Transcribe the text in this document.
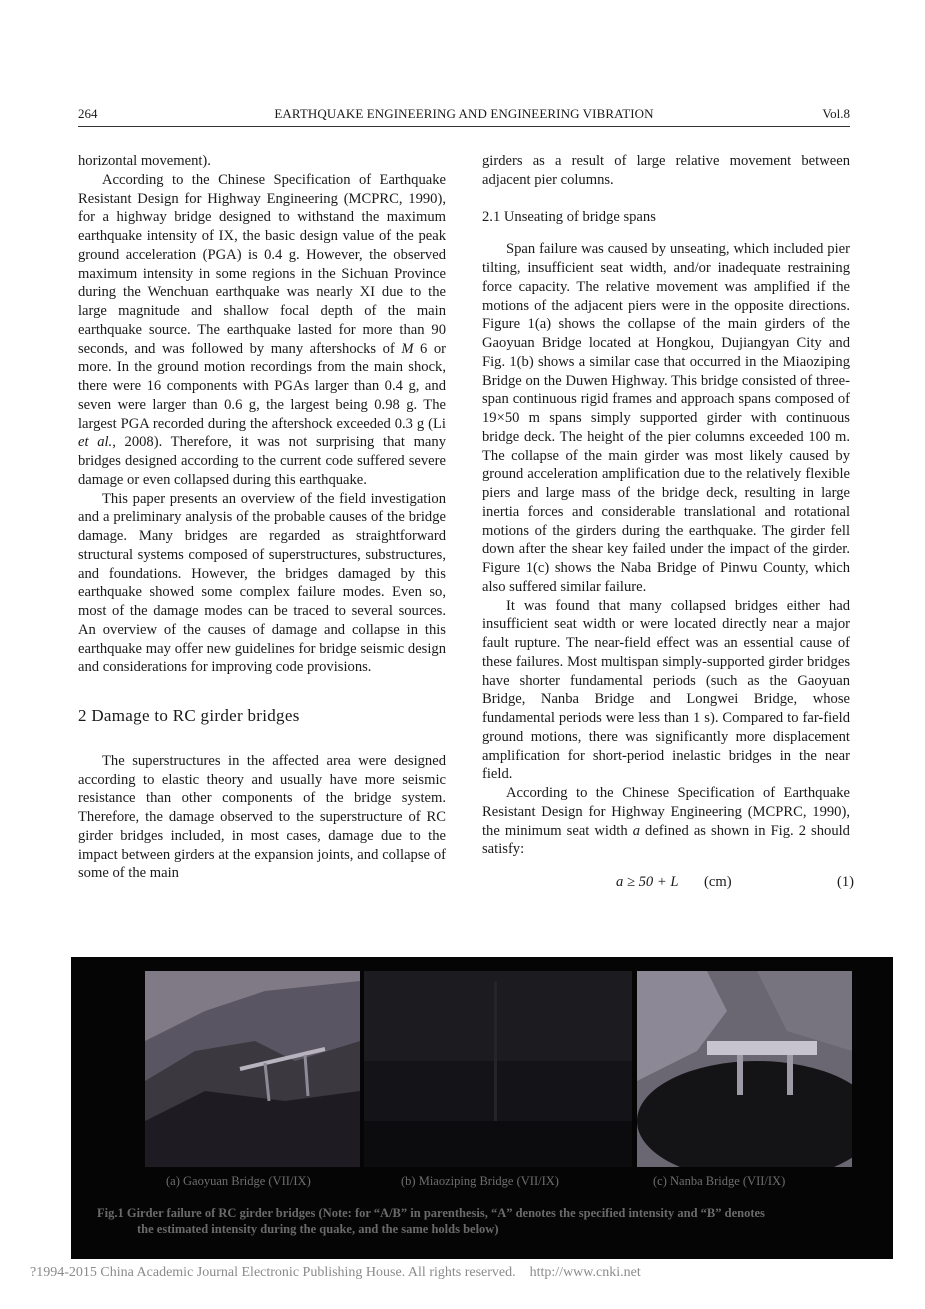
264	EARTHQUAKE ENGINEERING AND ENGINEERING VIBRATION	Vol.8

horizontal movement).

According to the Chinese Specification of Earthquake Resistant Design for Highway Engineering (MCPRC, 1990), for a highway bridge designed to withstand the maximum earthquake intensity of IX, the basic design value of the peak ground acceleration (PGA) is 0.4 g. However, the observed maximum intensity in some regions in the Sichuan Province during the Wenchuan earthquake was nearly XI due to the large magnitude and shallow focal depth of the main earthquake source. The earthquake lasted for more than 90 seconds, and was followed by many aftershocks of M 6 or more. In the ground motion recordings from the main shock, there were 16 components with PGAs larger than 0.4 g, and seven were larger than 0.6 g, the largest being 0.98 g. The largest PGA recorded during the aftershock exceeded 0.3 g (Li et al., 2008). Therefore, it was not surprising that many bridges designed according to the current code suffered severe damage or even collapsed during this earthquake.

This paper presents an overview of the field investigation and a preliminary analysis of the probable causes of the bridge damage. Many bridges are regarded as straightforward structural systems composed of superstructures, substructures, and foundations. However, the bridges damaged by this earthquake showed some complex failure modes. Even so, most of the damage modes can be traced to several sources. An overview of the causes of damage and collapse in this earthquake may offer new guidelines for bridge seismic design and considerations for improving code provisions.

2 Damage to RC girder bridges

The superstructures in the affected area were designed according to elastic theory and usually have more seismic resistance than other components of the bridge system. Therefore, the damage observed to the superstructure of RC girder bridges included, in most cases, damage due to the impact between girders at the expansion joints, and collapse of some of the main

girders as a result of large relative movement between adjacent pier columns.

2.1 Unseating of bridge spans

Span failure was caused by unseating, which included pier tilting, insufficient seat width, and/or inadequate restraining force capacity. The relative movement was amplified if the motions of the adjacent piers were in the opposite directions. Figure 1(a) shows the collapse of the main girders of the Gaoyuan Bridge located at Hongkou, Dujiangyan City and Fig. 1(b) shows a similar case that occurred in the Miaoziping Bridge on the Duwen Highway. This bridge consisted of three-span continuous rigid frames and approach spans composed of 19×50 m spans simply supported girder with continuous bridge deck. The height of the pier columns exceeded 100 m. The collapse of the main girder was most likely caused by ground acceleration amplification due to the relatively flexible piers and large mass of the bridge deck, resulting in large inertia forces and considerable translational and rotational motions of the girders during the earthquake. The girder fell down after the shear key failed under the impact of the girder. Figure 1(c) shows the Naba Bridge of Pinwu County, which also suffered similar failure.

It was found that many collapsed bridges either had insufficient seat width or were located directly near a major fault rupture. The near-field effect was an essential cause of these failures. Most multispan simply-supported girder bridges have shorter fundamental periods (such as the Gaoyuan Bridge, Nanba Bridge and Longwei Bridge, whose fundamental periods were less than 1 s). Compared to far-field ground motions, there was significantly more displacement amplification for short-period inelastic bridges in the near field.

According to the Chinese Specification of Earthquake Resistant Design for Highway Engineering (MCPRC, 1990), the minimum seat width a defined as shown in Fig. 2 should satisfy:

a ≥ 50 + L (cm)	(1)
(a) Gaoyuan Bridge (VII/IX)	(b) Miaoziping Bridge (VII/IX)	(c) Nanba Bridge (VII/IX)
Fig.1 Girder failure of RC girder bridges (Note: for “A/B” in parenthesis, “A” denotes the specified intensity and “B” denotes
the estimated intensity during the quake, and the same holds below)
?1994-2015 China Academic Journal Electronic Publishing House. All rights reserved. http://www.cnki.net
